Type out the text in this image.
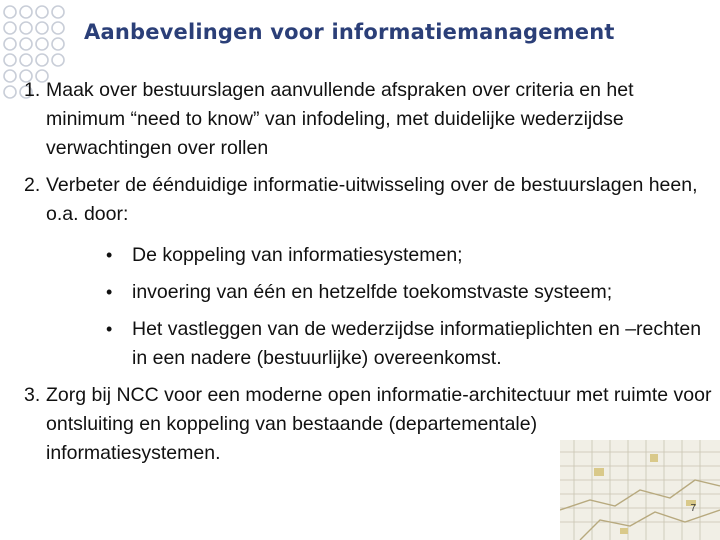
Aanbevelingen voor informatiemanagement
1. Maak over bestuurslagen aanvullende afspraken over criteria en het minimum “need to know” van infodeling, met duidelijke wederzijdse verwachtingen over rollen
2. Verbeter de éénduidige informatie-uitwisseling over de bestuurslagen heen, o.a. door:
• De koppeling van informatiesystemen;
• invoering van één en hetzelfde toekomstvaste systeem;
• Het vastleggen van de wederzijdse informatieplichten en –rechten in een nadere (bestuurlijke) overeenkomst.
3. Zorg bij NCC voor een moderne open informatie-architectuur met ruimte voor ontsluiting en koppeling van bestaande (departementale) informatiesystemen.
7
